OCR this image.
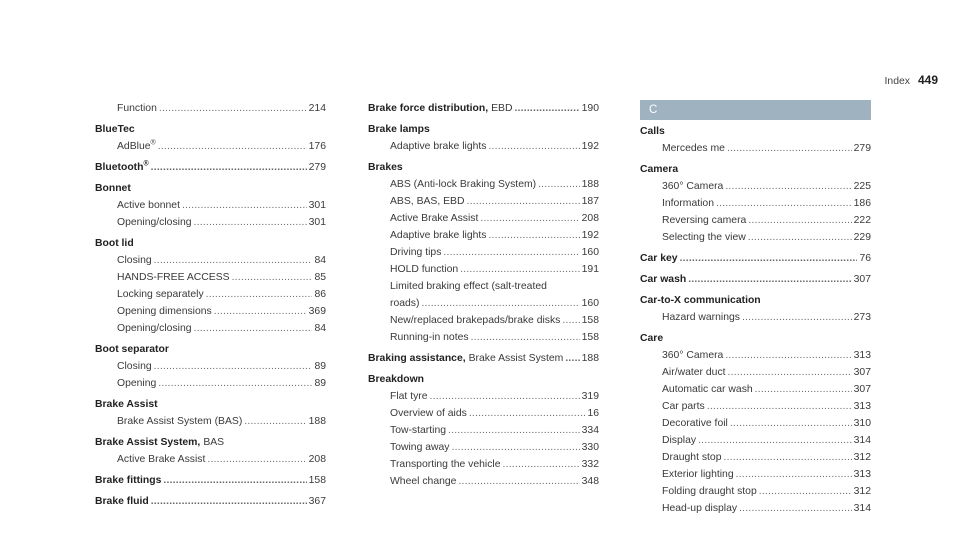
Index 449
Function .....	214
BlueTec
AdBlue® .....	176
Bluetooth® .....	279
Bonnet
Active bonnet .....	301
Opening/closing .....	301
Boot lid
Closing .....	84
HANDS-FREE ACCESS .....	85
Locking separately .....	86
Opening dimensions .....	369
Opening/closing .....	84
Boot separator
Closing .....	89
Opening .....	89
Brake Assist
Brake Assist System (BAS) .....	188
Brake Assist System, BAS
Active Brake Assist .....	208
Brake fittings .....	158
Brake fluid .....	367
Brake force distribution, EBD .....	190
Brake lamps
Adaptive brake lights .....	192
Brakes
ABS (Anti-lock Braking System) .....	188
ABS, BAS, EBD .....	187
Active Brake Assist .....	208
Adaptive brake lights .....	192
Driving tips .....	160
HOLD function .....	191
Limited braking effect (salt-treated
roads) .....	160
New/replaced brakepads/brake disks ..... 158
Running-in notes .....	158
Braking assistance, Brake Assist System ..... 188
Breakdown
Flat tyre .....	319
Overview of aids .....	16
Tow-starting .....	334
Towing away .....	330
Transporting the vehicle .....	332
Wheel change .....	348
C
Calls
Mercedes me .....	279
Camera
360° Camera .....	225
Information .....	186
Reversing camera .....	222
Selecting the view .....	229
Car key .....	76
Car wash .....	307
Car-to-X communication
Hazard warnings .....	273
Care
360° Camera .....	313
Air/water duct .....	307
Automatic car wash .....	307
Car parts .....	313
Decorative foil .....	310
Display .....	314
Draught stop .....	312
Exterior lighting .....	313
Folding draught stop .....	312
Head-up display .....	314
